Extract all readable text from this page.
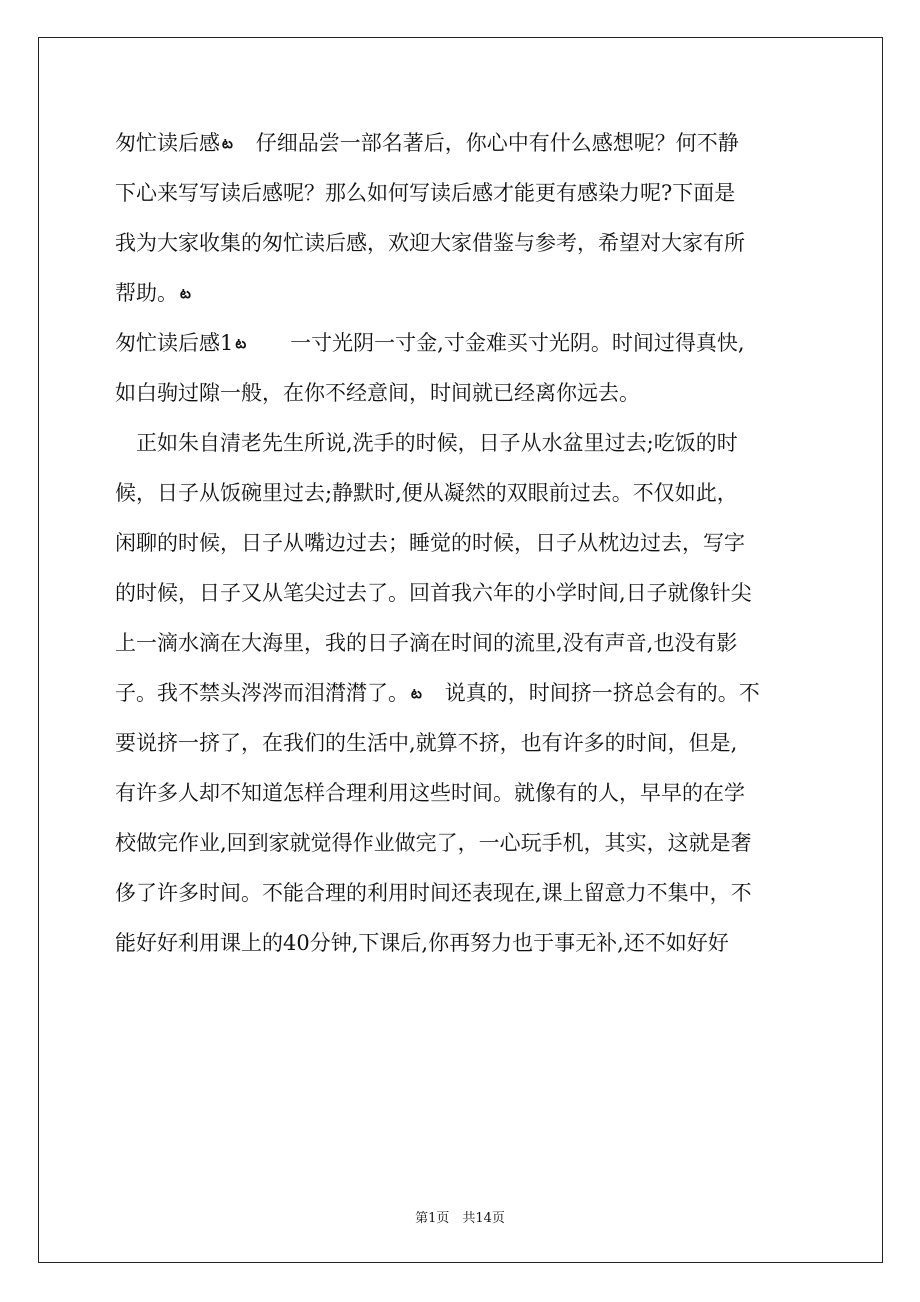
匆忙读后感 ట　仔细品尝一部名著后，你心中有什么感想呢？何不静
下心来写写读后感呢？那么如何写读后感才能更有感染力呢?下面是
我为大家收集的匆忙读后感，欢迎大家借鉴与参考，希望对大家有所
帮助。 ట
匆忙读后感1 ట　　一寸光阴一寸金,寸金难买寸光阴。时间过得真快,
如白驹过隙一般，在你不经意间，时间就已经离你远去。
　正如朱自清老先生所说,洗手的时候，日子从水盆里过去;吃饭的时
候，日子从饭碗里过去;静默时,便从凝然的双眼前过去。不仅如此，
闲聊的时候，日子从嘴边过去；睡觉的时候，日子从枕边过去，写字
的时候，日子又从笔尖过去了。回首我六年的小学时间,日子就像针尖
上一滴水滴在大海里，我的日子滴在时间的流里,没有声音,也没有影
子。我不禁头涔涔而泪潸潸了。 ట　说真的，时间挤一挤总会有的。不
要说挤一挤了，在我们的生活中,就算不挤，也有许多的时间，但是,
有许多人却不知道怎样合理利用这些时间。就像有的人，早早的在学
校做完作业,回到家就觉得作业做完了，一心玩手机，其实，这就是奢
侈了许多时间。不能合理的利用时间还表现在,课上留意力不集中，不
能好好利用课上的40分钟,下课后,你再努力也于事无补,还不如好好
第1页　共14页
